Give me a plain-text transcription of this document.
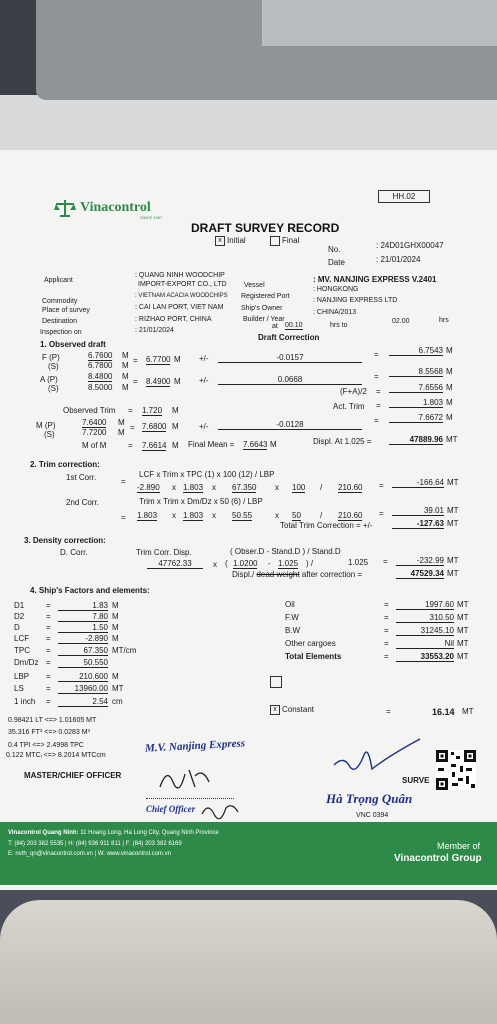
HH.02
Vinacontrol
SINCE 1957
DRAFT SURVEY RECORD
x Initial	Final
No.	: 24D01GHX00047
Date	: 21/01/2024
Applicant
: QUANG NINH WOODCHIP
IMPORT-EXPORT CO., LTD
Commodity
: VIETNAM ACACIA WOODCHIPS
Place of survey	: CAI LAN PORT, VIET NAM
Destination	: RIZHAO PORT, CHINA
Inspection on	: 21/01/2024
Vessel
: MV. NANJING EXPRESS V.2401
Registered Port
: HONGKONG
Ship's Owner
: NANJING EXPRESS LTD
Builder / Year
: CHINA/2013
at 00.10	hrs to
02.00	hrs
1. Observed draft
Draft Correction
F (P)
(S)
6.7600 M
6.7800 M
= 6.7700 M +/-	-0.0157	=	6.7543 M
A (P)
(S)
8.4800 M
8.5000 M
= 8.4900 M +/-	0.0668	=
8.5568 M
(F+A)/2 =	7.6556 M
Act. Trim =	1.803 M
Observed Trim = 1.720 M
M (P)
(S)
7.6400 M
7.7200 M
= 7.6800 M	+/-	-0.0128	=	7.6672 M
M of M	= 7.6614 M Final Mean = 7.6643 M	Displ. At 1.025 =	47889.96 MT
2. Trim correction:
1st Corr.	=
LCF x Trim x TPC (1) x 100 (12) / LBP
-2.890 x 1.803 x 67.350 x 100 / 210.60 =	-166.64 MT
2nd Corr.
=
Trim x Trim x Dm/Dz x 50 (6) / LBP
1.803 x 1.803 x 50.55	x 50 / 210.60 =	39.01 MT
Total Trim Correction = +/-	-127.63 MT
3. Density correction:
D. Corr.	Trim Corr. Disp.	( Obser.D - Stand.D ) / Stand.D
47762.33	x ( 1.0200 - 1.025 ) /	1.025 =	-232.99 MT
Displ./ dead weight after correction =	47529.34 MT
4. Ship's Factors and elements:
D1	=	1.83 M
D2	=	7.80 M
D	=	1.50 M
LCF =	-2.890 M
TPC =	67.350 MT/cm
Dm/Dz =	50.550
LBP =	210.600 M
LS	=	13960.00 MT
1 inch =	2.54 cm
Oil	=	1997.60 MT
F.W	=	310.50 MT
B.W	=	31245.10 MT
Other cargoes	=	Nil MT
Total Elements	=	33553.20 MT
x Constant	=	16.14 MT
0.98421 LT <=> 1.01605 MT
35.316 FT³ <=> 0.0283 M³
0.4 TPI <=> 2.4998 TPC
0.122 MTCᵢ <=> 8.2014 MTCcm
M.V. Nanjing Express
MASTER/CHIEF OFFICER
Chief Officer
SURVE
Hà Trọng Quân
VNC 0394
Vinacontrol Quang Ninh: 11 Hoang Long, Ha Long City, Quang Ninh Province
T: (84) 203 382 5535 | H: (84) 936 911 811 | F: (84) 203 382 6169
E: nvth_qn@vinacontrol.com.vn | W: www.vinacontrol.com.vn
Member of
Vinacontrol Group
